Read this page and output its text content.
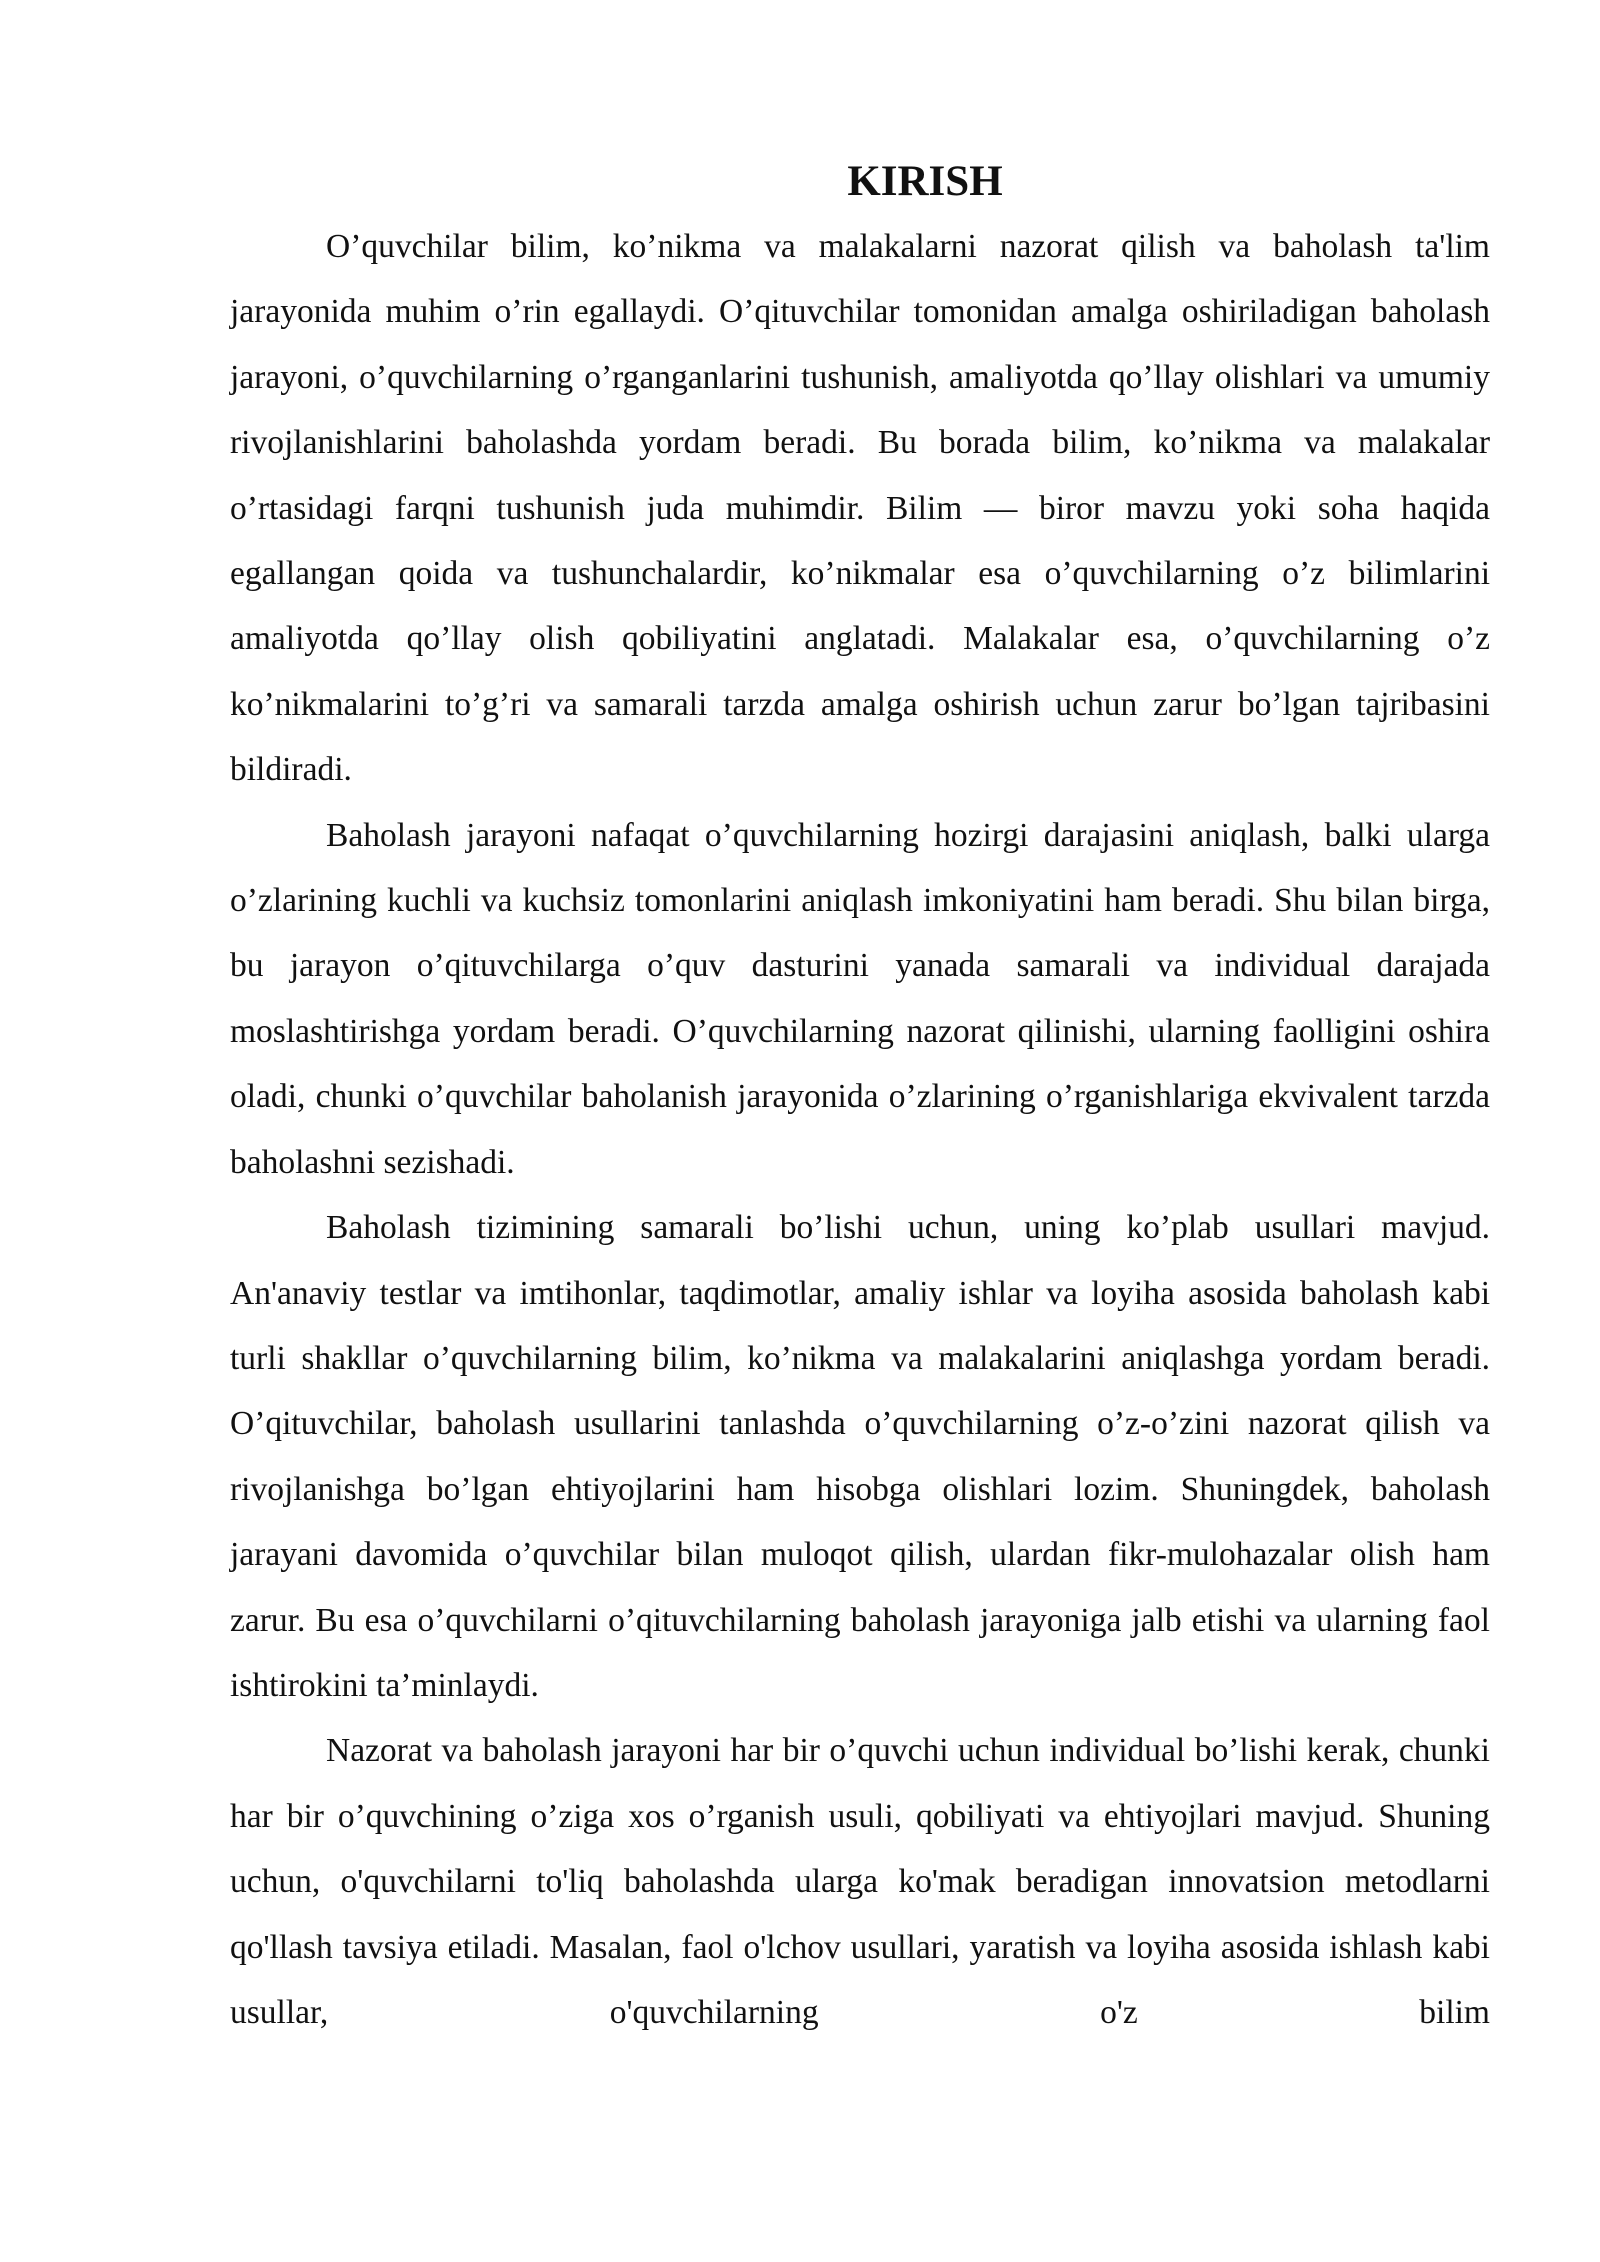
KIRISH

O’quvchilar bilim, ko’nikma va malakalarni nazorat qilish va baholash ta'lim jarayonida muhim o’rin egallaydi. O’qituvchilar tomonidan amalga oshiriladigan baholash jarayoni, o’quvchilarning o’rganganlarini tushunish, amaliyotda qo’llay olishlari va umumiy rivojlanishlarini baholashda yordam beradi. Bu borada bilim, ko’nikma va malakalar o’rtasidagi farqni tushunish juda muhimdir. Bilim — biror mavzu yoki soha haqida egallangan qoida va tushunchalardir, ko’nikmalar esa o’quvchilarning o’z bilimlarini amaliyotda qo’llay olish qobiliyatini anglatadi. Malakalar esa, o’quvchilarning o’z ko’nikmalarini to’g’ri va samarali tarzda amalga oshirish uchun zarur bo’lgan tajribasini bildiradi.

Baholash jarayoni nafaqat o’quvchilarning hozirgi darajasini aniqlash, balki ularga o’zlarining kuchli va kuchsiz tomonlarini aniqlash imkoniyatini ham beradi. Shu bilan birga, bu jarayon o’qituvchilarga o’quv dasturini yanada samarali va individual darajada moslashtirishga yordam beradi. O’quvchilarning nazorat qilinishi, ularning faolligini oshira oladi, chunki o’quvchilar baholanish jarayonida o’zlarining o’rganishlariga ekvivalent tarzda baholashni sezishadi.

Baholash tizimining samarali bo’lishi uchun, uning ko’plab usullari mavjud. An'anaviy testlar va imtihonlar, taqdimotlar, amaliy ishlar va loyiha asosida baholash kabi turli shakllar o’quvchilarning bilim, ko’nikma va malakalarini aniqlashga yordam beradi. O’qituvchilar, baholash usullarini tanlashda o’quvchilarning o’z-o’zini nazorat qilish va rivojlanishga bo’lgan ehtiyojlarini ham hisobga olishlari lozim. Shuningdek, baholash jarayani davomida o’quvchilar bilan muloqot qilish, ulardan fikr-mulohazalar olish ham zarur. Bu esa o’quvchilarni o’qituvchilarning baholash jarayoniga jalb etishi va ularning faol ishtirokini ta’minlaydi.

Nazorat va baholash jarayoni har bir o’quvchi uchun individual bo’lishi kerak, chunki har bir o’quvchining o’ziga xos o’rganish usuli, qobiliyati va ehtiyojlari mavjud. Shuning uchun, o'quvchilarni to'liq baholashda ularga ko'mak beradigan innovatsion metodlarni qo'llash tavsiya etiladi. Masalan, faol o'lchov usullari, yaratish va loyiha asosida ishlash kabi usullar, o'quvchilarning o'z bilim
